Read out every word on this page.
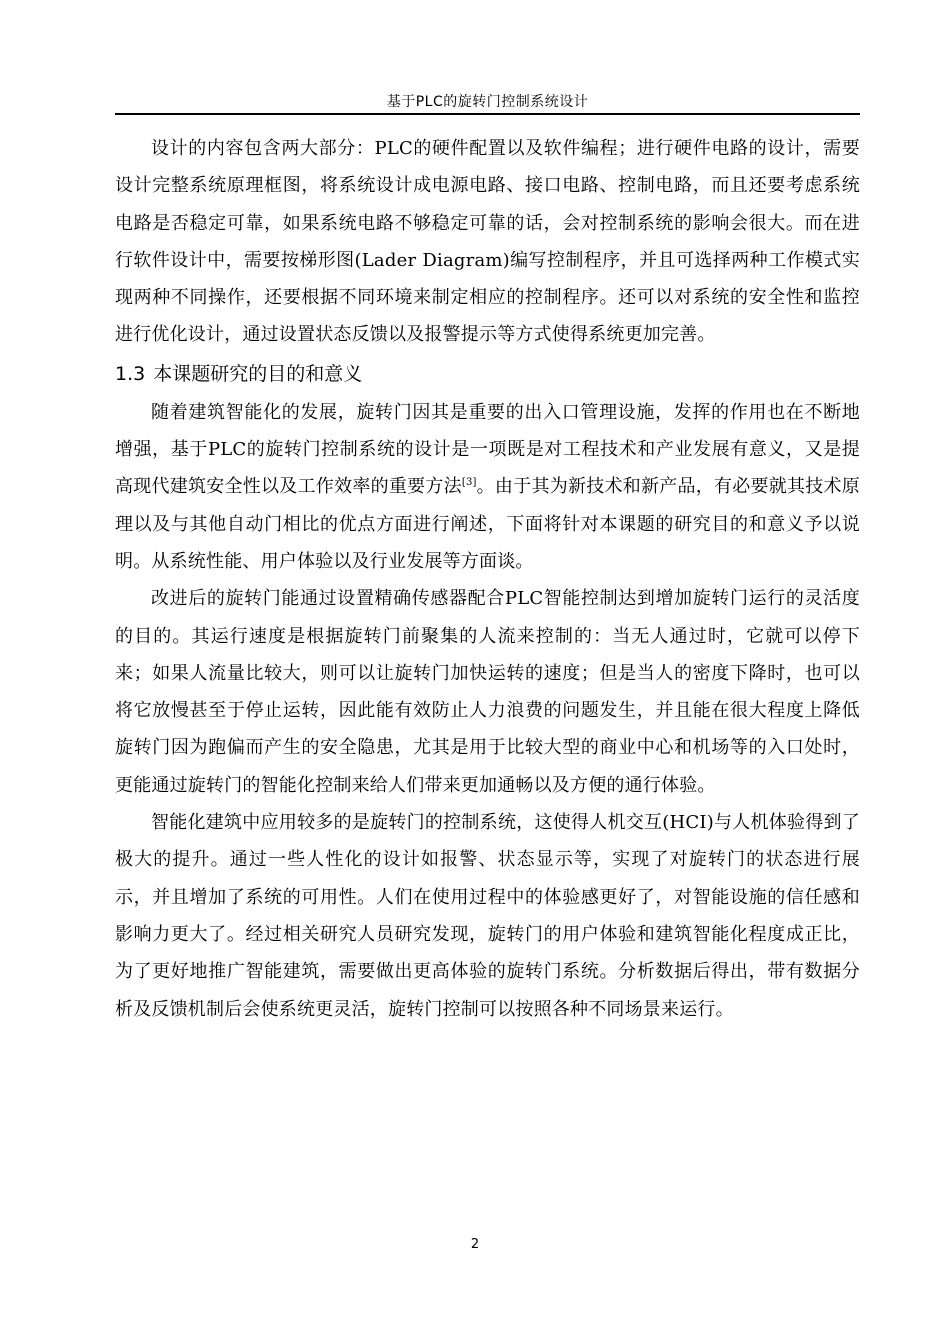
基于PLC的旋转门控制系统设计

设计的内容包含两大部分：PLC的硬件配置以及软件编程；进行硬件电路的设计，需要设计完整系统原理框图，将系统设计成电源电路、接口电路、控制电路，而且还要考虑系统电路是否稳定可靠，如果系统电路不够稳定可靠的话，会对控制系统的影响会很大。而在进行软件设计中，需要按梯形图(Lader Diagram)编写控制程序，并且可选择两种工作模式实现两种不同操作，还要根据不同环境来制定相应的控制程序。还可以对系统的安全性和监控进行优化设计，通过设置状态反馈以及报警提示等方式使得系统更加完善。

1.3 本课题研究的目的和意义

随着建筑智能化的发展，旋转门因其是重要的出入口管理设施，发挥的作用也在不断地增强，基于PLC的旋转门控制系统的设计是一项既是对工程技术和产业发展有意义，又是提高现代建筑安全性以及工作效率的重要方法[3]。由于其为新技术和新产品，有必要就其技术原理以及与其他自动门相比的优点方面进行阐述，下面将针对本课题的研究目的和意义予以说明。从系统性能、用户体验以及行业发展等方面谈。

改进后的旋转门能通过设置精确传感器配合PLC智能控制达到增加旋转门运行的灵活度的目的。其运行速度是根据旋转门前聚集的人流来控制的：当无人通过时，它就可以停下来；如果人流量比较大，则可以让旋转门加快运转的速度；但是当人的密度下降时，也可以将它放慢甚至于停止运转，因此能有效防止人力浪费的问题发生，并且能在很大程度上降低旋转门因为跑偏而产生的安全隐患，尤其是用于比较大型的商业中心和机场等的入口处时，更能通过旋转门的智能化控制来给人们带来更加通畅以及方便的通行体验。

智能化建筑中应用较多的是旋转门的控制系统，这使得人机交互(HCI)与人机体验得到了极大的提升。通过一些人性化的设计如报警、状态显示等，实现了对旋转门的状态进行展示，并且增加了系统的可用性。人们在使用过程中的体验感更好了，对智能设施的信任感和影响力更大了。经过相关研究人员研究发现，旋转门的用户体验和建筑智能化程度成正比，为了更好地推广智能建筑，需要做出更高体验的旋转门系统。分析数据后得出，带有数据分析及反馈机制后会使系统更灵活，旋转门控制可以按照各种不同场景来运行。

2
